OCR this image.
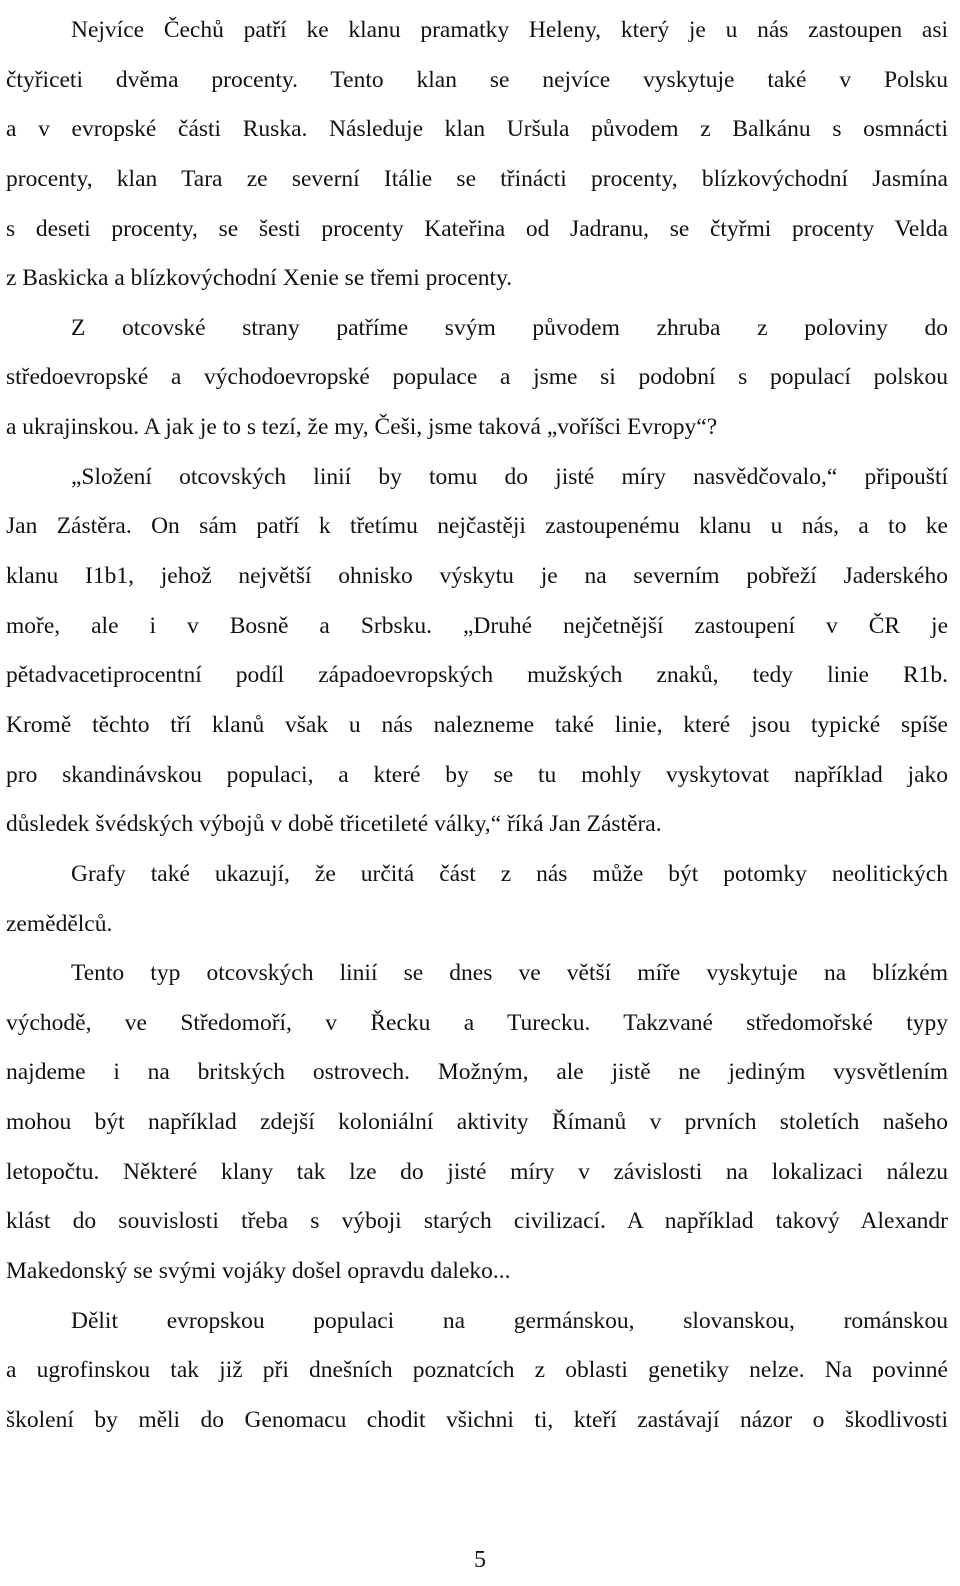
Nejvíce Čechů patří ke klanu pramatky Heleny, který je u nás zastoupen asi
čtyřiceti dvěma procenty. Tento klan se nejvíce vyskytuje také v Polsku
a v evropské části Ruska. Následuje klan Uršula původem z Balkánu s osmnácti
procenty, klan Tara ze severní Itálie se třinácti procenty, blízkovýchodní Jasmína
s deseti procenty, se šesti procenty Kateřina od Jadranu, se čtyřmi procenty Velda
z Baskicka a blízkovýchodní Xenie se třemi procenty.
Z otcovské strany patříme svým původem zhruba z poloviny do
středoevropské a východoevropské populace a jsme si podobní s populací polskou
a ukrajinskou. A jak je to s tezí, že my, Češi, jsme taková „voříšci Evropy“?
„Složení otcovských linií by tomu do jisté míry nasvědčovalo,“ připouští
Jan Zástěra. On sám patří k třetímu nejčastěji zastoupenému klanu u nás, a to ke
klanu I1b1, jehož největší ohnisko výskytu je na severním pobřeží Jaderského
moře, ale i v Bosně a Srbsku. „Druhé nejčetnější zastoupení v ČR je
pětadvacetiprocentní podíl západoevropských mužských znaků, tedy linie R1b.
Kromě těchto tří klanů však u nás nalezneme také linie, které jsou typické spíše
pro skandinávskou populaci, a které by se tu mohly vyskytovat například jako
důsledek švédských výbojů v době třicetileté války,“ říká Jan Zástěra.
Grafy také ukazují, že určitá část z nás může být potomky neolitických
zemědělců.
Tento typ otcovských linií se dnes ve větší míře vyskytuje na blízkém
východě, ve Středomoří, v Řecku a Turecku. Takzvané středomořské typy
najdeme i na britských ostrovech. Možným, ale jistě ne jediným vysvětlením
mohou být například zdejší koloniální aktivity Římanů v prvních stoletích našeho
letopočtu. Některé klany tak lze do jisté míry v závislosti na lokalizaci nálezu
klást do souvislosti třeba s výboji starých civilizací. A například takový Alexandr
Makedonský se svými vojáky došel opravdu daleko...
Dělit evropskou populaci na germánskou, slovanskou, románskou
a ugrofinskou tak již při dnešních poznatcích z oblasti genetiky nelze. Na povinné
školení by měli do Genomacu chodit všichni ti, kteří zastávají názor o škodlivosti
5
